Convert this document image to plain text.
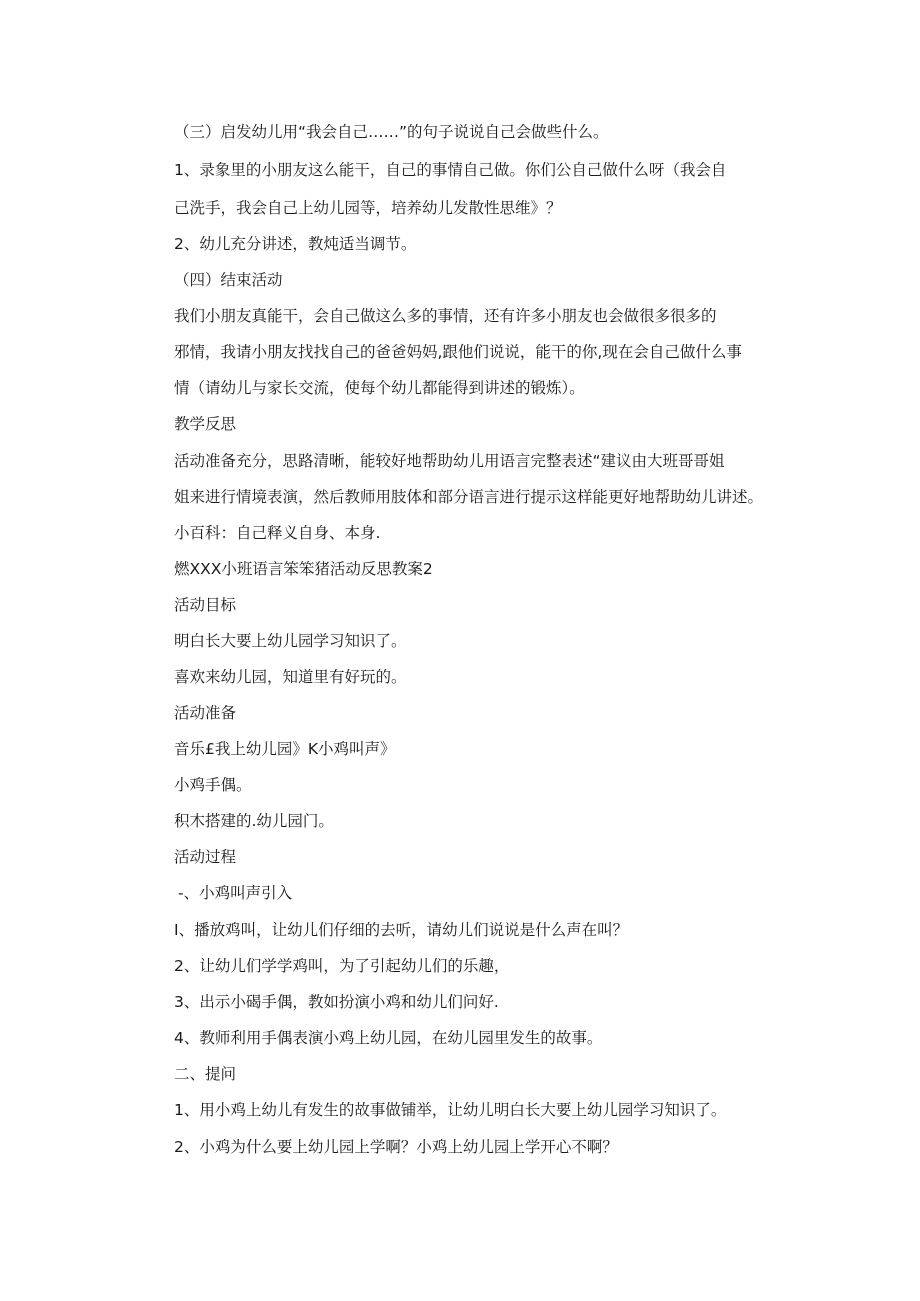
（三）启发幼儿用“我会自己……”的句子说说自己会做些什么。

1、录象里的小朋友这么能干，自己的事情自己做。你们公自己做什么呀（我会自

己洗手，我会自己上幼儿园等，培养幼儿发散性思维》？

2、幼儿充分讲述，教炖适当调节。

（四）结束活动

我们小朋友真能干，会自己做这么多的事情，还有许多小朋友也会做很多很多的

邪情，我请小朋友找找自己的爸爸妈妈,跟他们说说，能干的你,现在会自己做什么事

情（请幼儿与家长交流，使每个幼儿都能得到讲述的锻炼）。

教学反思

活动准备充分，思路清晰，能较好地帮助幼儿用语言完整表述“建议由大班哥哥姐

姐来进行情境表演，然后教师用肢体和部分语言进行提示这样能更好地帮助幼儿讲述。

小百科：自己释义自身、本身.

燃XXX小班语言笨笨猪活动反思教案2

活动目标

明白长大要上幼儿园学习知识了。

喜欢来幼儿园，知道里有好玩的。

活动准备

音乐£我上幼儿园》K小鸡叫声》

小鸡手偶。

积木搭建的.幼儿园门。

活动过程

-、小鸡叫声引入

I、播放鸡叫，让幼儿们仔细的去听，请幼儿们说说是什么声在叫？

2、让幼儿们学学鸡叫，为了引起幼儿们的乐趣，

3、出示小碣手偶，教如扮演小鸡和幼儿们问好.

4、教师利用手偶表演小鸡上幼儿园，在幼儿园里发生的故事。

二、提问

1、用小鸡上幼儿有发生的故事做铺举，让幼儿明白长大要上幼儿园学习知识了。

2、小鸡为什么要上幼儿园上学啊？小鸡上幼儿园上学开心不啊？
